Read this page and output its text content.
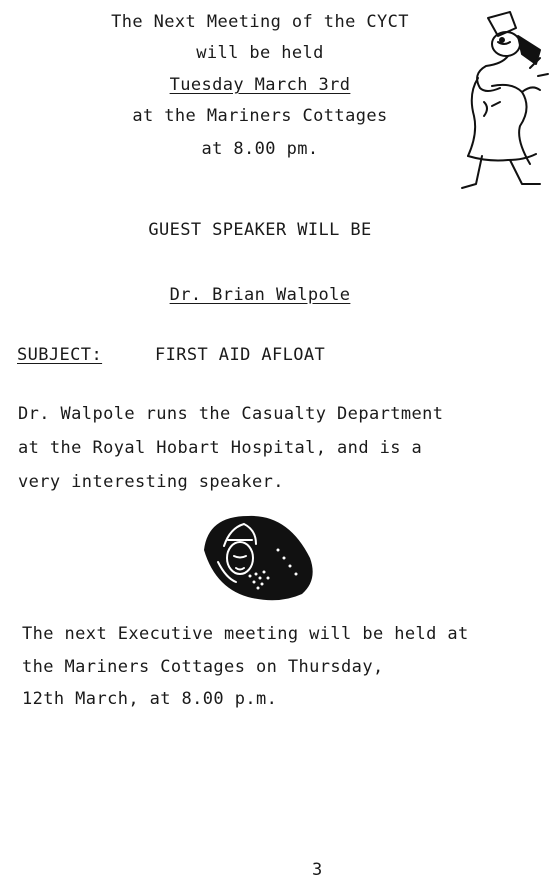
The Next Meeting of the CYCT
will be held
Tuesday March 3rd
at the Mariners Cottages
at 8.00 pm.
GUEST SPEAKER WILL BE
Dr. Brian Walpole
SUBJECT:	FIRST AID AFLOAT
Dr. Walpole runs the Casualty Department
at the Royal Hobart Hospital, and is a
very interesting speaker.
The next Executive meeting will be held at
the Mariners Cottages on Thursday,
12th March, at 8.00 p.m.
3
